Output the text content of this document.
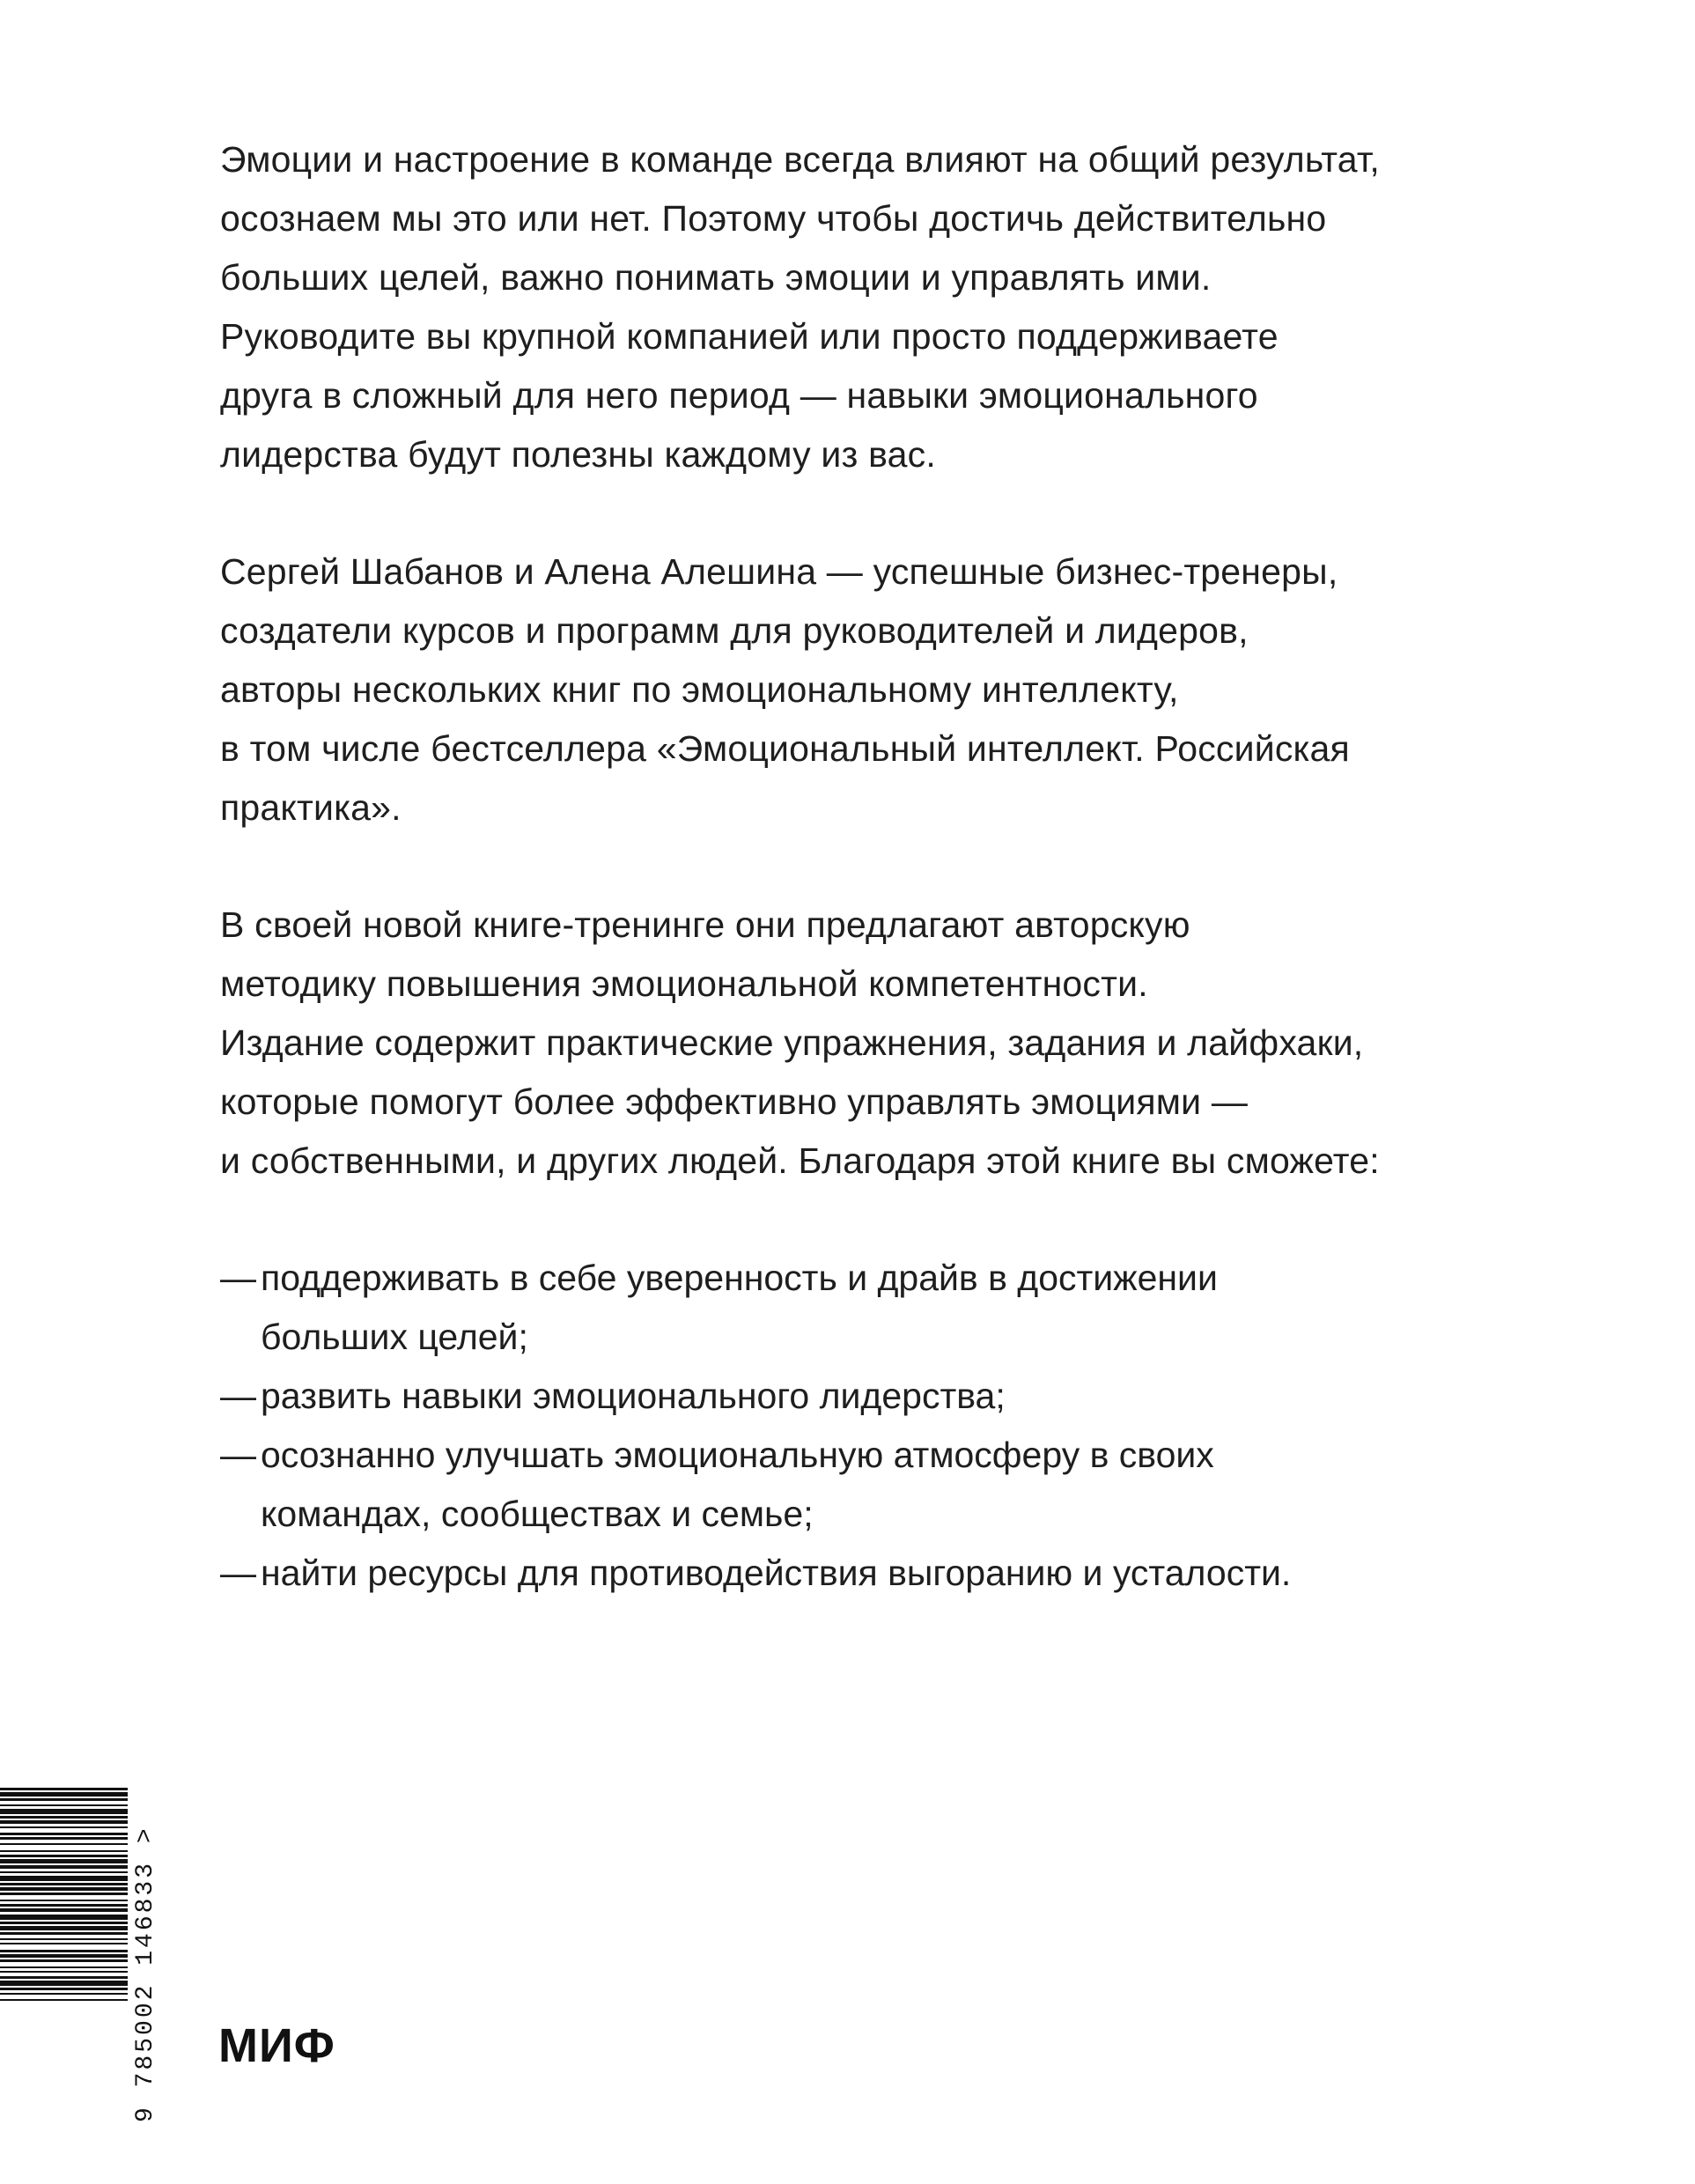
Эмоции и настроение в команде всегда влияют на общий результат,
осознаем мы это или нет. Поэтому чтобы достичь действительно
больших целей, важно понимать эмоции и управлять ими.
Руководите вы крупной компанией или просто поддерживаете
друга в сложный для него период — навыки эмоционального
лидерства будут полезны каждому из вас.
Сергей Шабанов и Алена Алешина — успешные бизнес-тренеры,
создатели курсов и программ для руководителей и лидеров,
авторы нескольких книг по эмоциональному интеллекту,
в том числе бестселлера «Эмоциональный интеллект. Российская
практика».
В своей новой книге-тренинге они предлагают авторскую
методику повышения эмоциональной компетентности.
Издание содержит практические упражнения, задания и лайфхаки,
которые помогут более эффективно управлять эмоциями —
и собственными, и других людей. Благодаря этой книге вы сможете:
— поддерживать в себе уверенность и драйв в достижении
больших целей;
— развить навыки эмоционального лидерства;
— осознанно улучшать эмоциональную атмосферу в своих
командах, сообществах и семье;
— найти ресурсы для противодействия выгоранию и усталости.
9 785002 146833 > МИФ
